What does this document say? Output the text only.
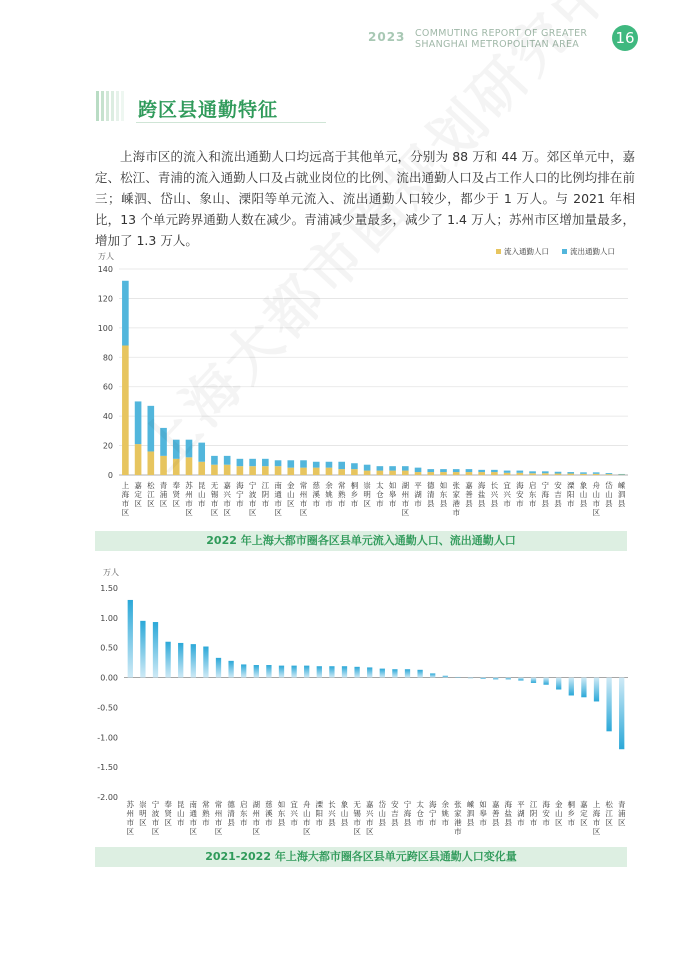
2023 COMMUTING REPORT OF GREATER
SHANGHAI METROPOLITAN AREA	16
跨区县通勤特征
上海市区的流入和流出通勤人口均远高于其他单元，分别为 88 万和 44 万。郊区单元中，嘉定、松江、青浦的流入通勤人口及占就业岗位的比例、流出通勤人口及占工作人口的比例均排在前三；嵊泗、岱山、象山、溧阳等单元流入、流出通勤人口较少，都少于 1 万人。与 2021 年相比，13 个单元跨界通勤人数在减少。青浦减少量最多，减少了 1.4 万人；苏州市区增加量最多，增加了 1.3 万人。
万人
0
20
40
60
80
100
120
140
流入通勤人口	流出通勤人口
上海市区
嘉定区
松江区
青浦区
奉贤区
苏州市区
昆山市
无锡市区
嘉兴市区
海宁市
宁波市区
江阴市
南通市区
金山区
常州市区
慈溪市
余姚市
常熟市
桐乡市
崇明区
太仓市
如皋市
湖州市区
平湖市
德清县
如东县
张家港市
嘉善县
海盐县
长兴县
宜兴市
海安市
启东市
宁海县
安吉县
溧阳市
象山县
舟山市区
岱山县
嵊泗县
2022 年上海大都市圈各区县单元流入通勤人口、流出通勤人口
万人
-2.00
-1.50
-1.00
-0.50
0.00
0.50
1.00
1.50
苏州市区
崇明区
宁波市区
奉贤区
昆山市
南通市区
常熟市
常州市区
德清县
启东市
湖州市区
慈溪市
如东县
宜兴市
舟山市区
溧阳市
长兴县
象山县
无锡市区
嘉兴市区
岱山县
安吉县
宁海县
太仓市
海宁市
余姚市
张家港市
嵊泗县
如皋市
嘉善县
海盐县
平湖市
江阴市
海安市
金山区
桐乡市
嘉定区
上海市区
松江区
青浦区
2021-2022 年上海大都市圈各区县单元跨区县通勤人口变化量
